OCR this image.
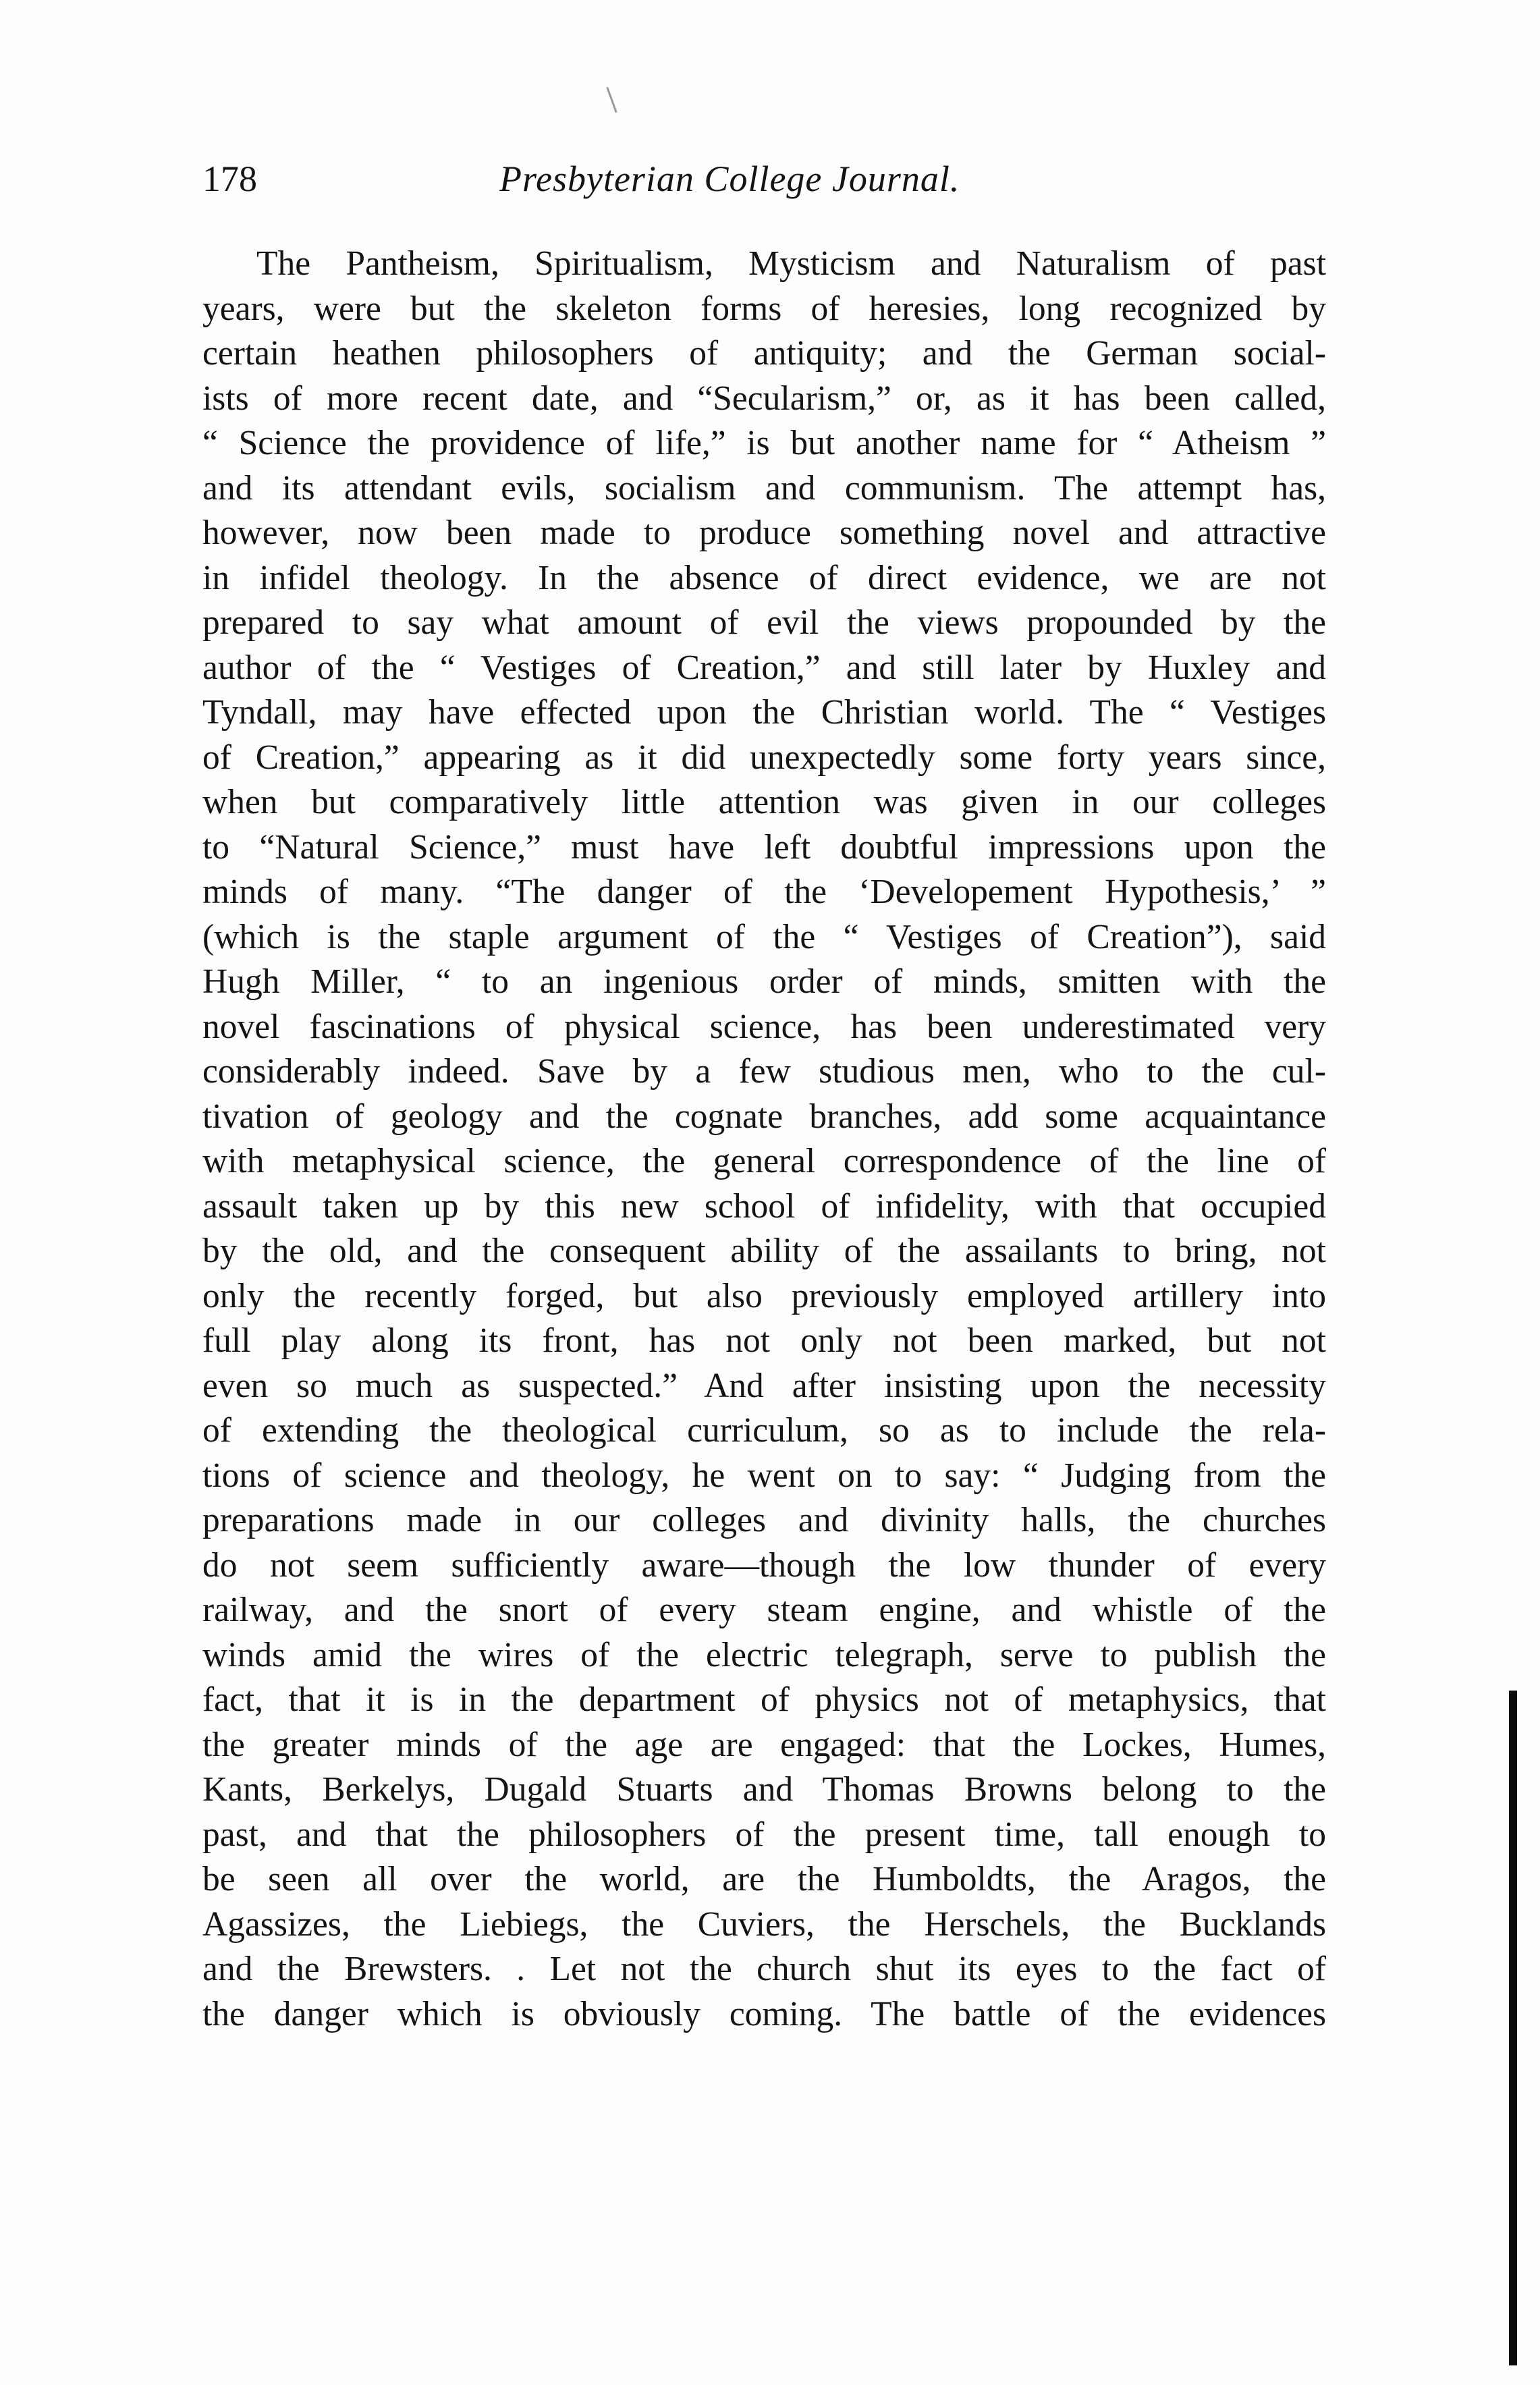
178	Presbyterian College Journal.
The Pantheism, Spiritualism, Mysticism and Naturalism of past
years, were but the skeleton forms of heresies, long recognized by
certain heathen philosophers of antiquity; and the German social-
ists of more recent date, and “Secularism,” or, as it has been called,
“ Science the providence of life,” is but another name for “ Atheism ”
and its attendant evils, socialism and communism. The attempt has,
however, now been made to produce something novel and attractive
in infidel theology. In the absence of direct evidence, we are not
prepared to say what amount of evil the views propounded by the
author of the “ Vestiges of Creation,” and still later by Huxley and
Tyndall, may have effected upon the Christian world. The “ Vestiges
of Creation,” appearing as it did unexpectedly some forty years since,
when but comparatively little attention was given in our colleges
to “Natural Science,” must have left doubtful impressions upon the
minds of many. “The danger of the ‘Developement Hypothesis,’ ”
(which is the staple argument of the “ Vestiges of Creation”), said
Hugh Miller, “ to an ingenious order of minds, smitten with the
novel fascinations of physical science, has been underestimated very
considerably indeed. Save by a few studious men, who to the cul-
tivation of geology and the cognate branches, add some acquaintance
with metaphysical science, the general correspondence of the line of
assault taken up by this new school of infidelity, with that occupied
by the old, and the consequent ability of the assailants to bring, not
only the recently forged, but also previously employed artillery into
full play along its front, has not only not been marked, but not
even so much as suspected.” And after insisting upon the necessity
of extending the theological curriculum, so as to include the rela-
tions of science and theology, he went on to say: “ Judging from the
preparations made in our colleges and divinity halls, the churches
do not seem sufficiently aware—though the low thunder of every
railway, and the snort of every steam engine, and whistle of the
winds amid the wires of the electric telegraph, serve to publish the
fact, that it is in the department of physics not of metaphysics, that
the greater minds of the age are engaged: that the Lockes, Humes,
Kants, Berkelys, Dugald Stuarts and Thomas Browns belong to the
past, and that the philosophers of the present time, tall enough to
be seen all over the world, are the Humboldts, the Aragos, the
Agassizes, the Liebiegs, the Cuviers, the Herschels, the Bucklands
and the Brewsters. . Let not the church shut its eyes to the fact of
the danger which is obviously coming. The battle of the evidences
